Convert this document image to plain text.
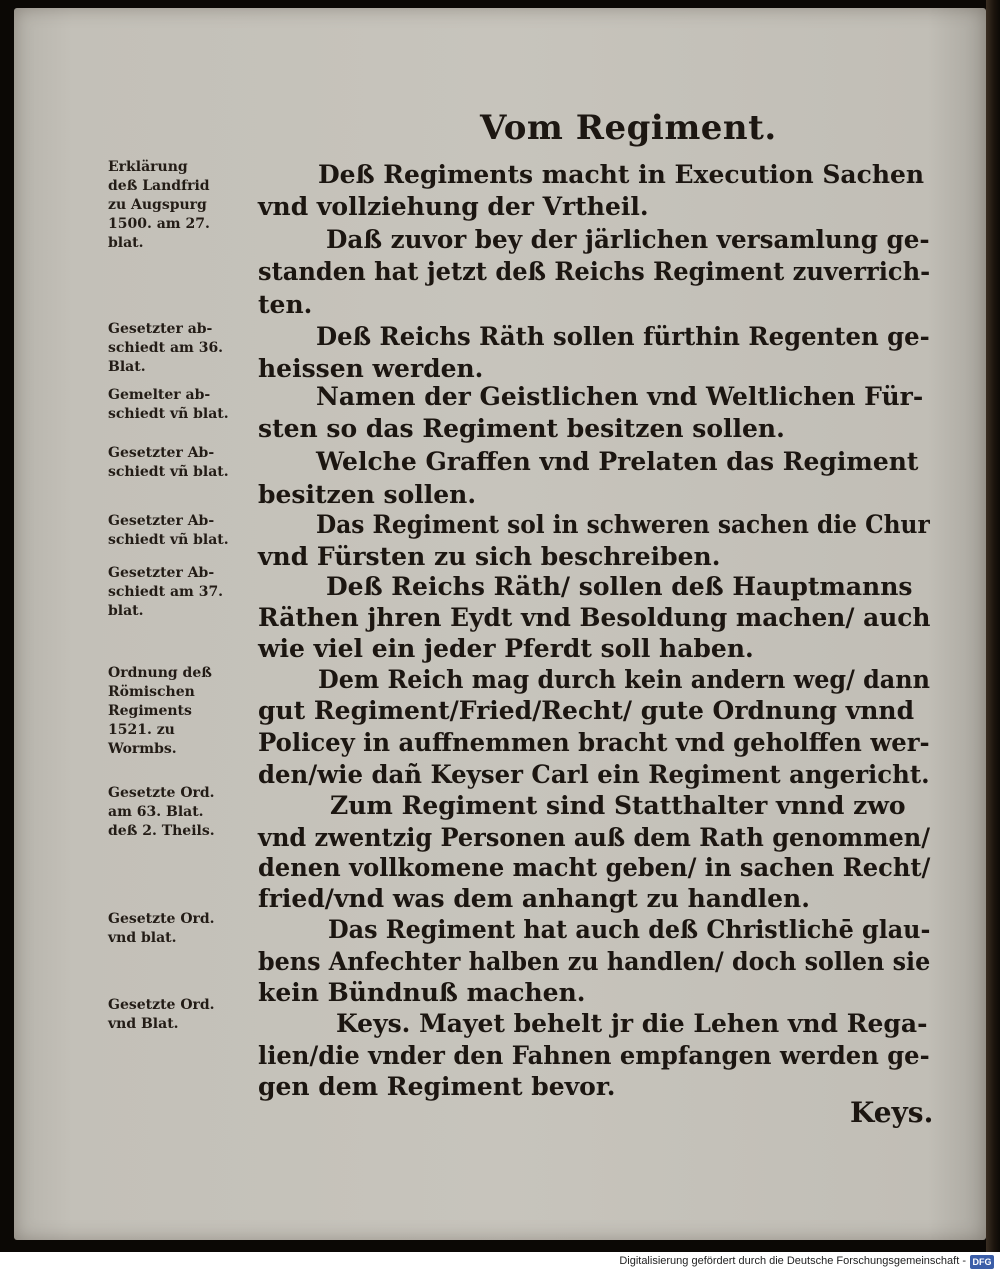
Vom Regiment.
Erklärung
deß Landfrid
zu Augspurg
1500. am 27.
blat.
Gesetzter ab-
schiedt am 36.
Blat.
Gemelter ab-
schiedt vñ blat.
Gesetzter Ab-
schiedt vñ blat.
Gesetzter Ab-
schiedt vñ blat.
Gesetzter Ab-
schiedt am 37.
blat.
Ordnung deß
Römischen
Regiments
1521. zu
Wormbs.
Gesetzte Ord.
am 63. Blat.
deß 2. Theils.
Gesetzte Ord.
vnd blat.
Gesetzte Ord.
vnd Blat.
Deß Regiments macht in Execution Sachen
vnd vollziehung der Vrtheil.
Daß zuvor bey der järlichen versamlung ge-
standen hat jetzt deß Reichs Regiment zuverrich-
ten.
Deß Reichs Räth sollen fürthin Regenten ge-
heissen werden.
Namen der Geistlichen vnd Weltlichen Für-
sten so das Regiment besitzen sollen.
Welche Graffen vnd Prelaten das Regiment
besitzen sollen.
Das Regiment sol in schweren sachen die Chur
vnd Fürsten zu sich beschreiben.
Deß Reichs Räth/ sollen deß Hauptmanns
Räthen jhren Eydt vnd Besoldung machen/ auch
wie viel ein jeder Pferdt soll haben.
Dem Reich mag durch kein andern weg/ dann
gut Regiment/Fried/Recht/ gute Ordnung vnnd
Policey in auffnemmen bracht vnd geholffen wer-
den/wie dañ Keyser Carl ein Regiment angericht.
Zum Regiment sind Statthalter vnnd zwo
vnd zwentzig Personen auß dem Rath genommen/
denen vollkomene macht geben/ in sachen Recht/
fried/vnd was dem anhangt zu handlen.
Das Regiment hat auch deß Christlichē glau-
bens Anfechter halben zu handlen/ doch sollen sie
kein Bündnuß machen.
Keys. Mayet behelt jr die Lehen vnd Rega-
lien/die vnder den Fahnen empfangen werden ge-
gen dem Regiment bevor.
Keys.
Digitalisierung gefördert durch die Deutsche Forschungsgemeinschaft - DFG
